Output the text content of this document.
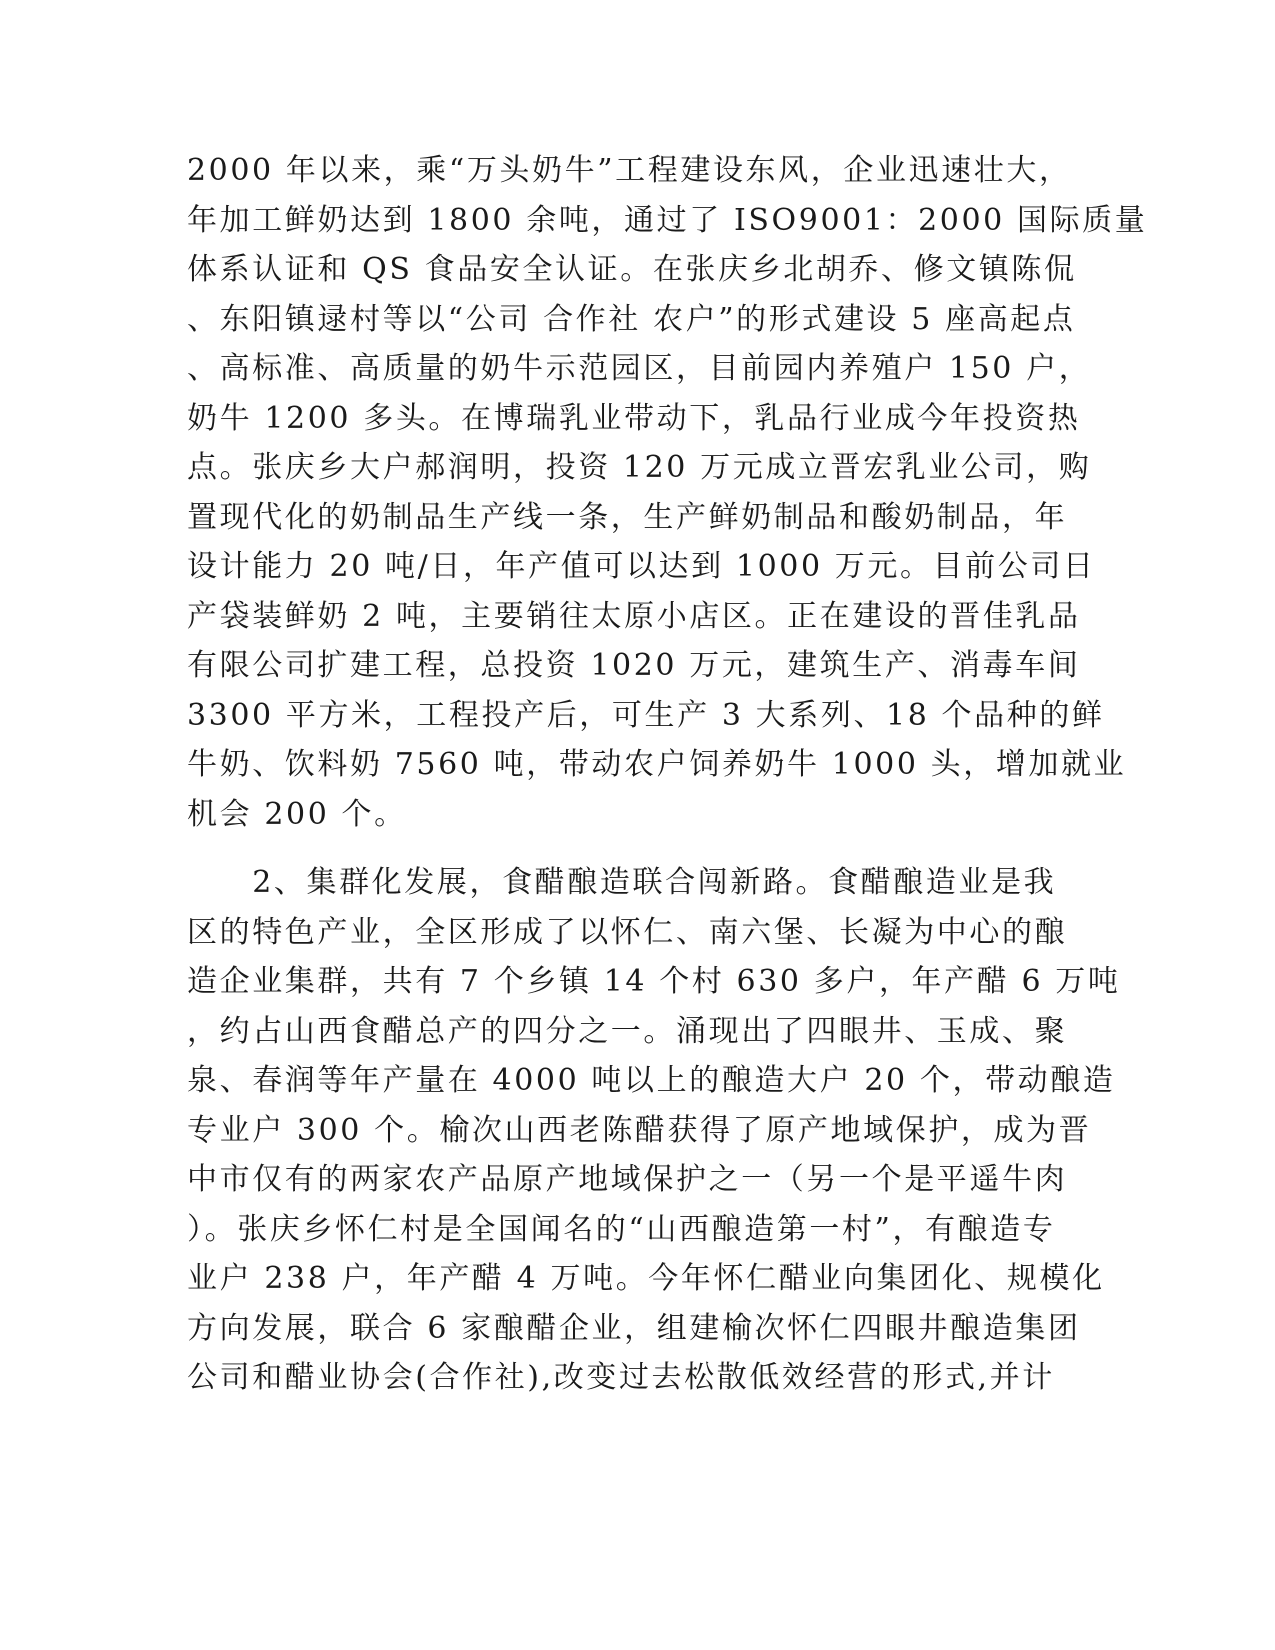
2000 年以来，乘“万头奶牛”工程建设东风，企业迅速壮大，
年加工鲜奶达到 1800 余吨，通过了 ISO9001：2000 国际质量
体系认证和 QS 食品安全认证。在张庆乡北胡乔、修文镇陈侃
、东阳镇逯村等以“公司 合作社 农户”的形式建设 5 座高起点
、高标准、高质量的奶牛示范园区，目前园内养殖户 150 户，
奶牛 1200 多头。在博瑞乳业带动下，乳品行业成今年投资热
点。张庆乡大户郝润明，投资 120 万元成立晋宏乳业公司，购
置现代化的奶制品生产线一条，生产鲜奶制品和酸奶制品，年
设计能力 20 吨/日，年产值可以达到 1000 万元。目前公司日
产袋装鲜奶 2 吨，主要销往太原小店区。正在建设的晋佳乳品
有限公司扩建工程，总投资 1020 万元，建筑生产、消毒车间
3300 平方米，工程投产后，可生产 3 大系列、18 个品种的鲜
牛奶、饮料奶 7560 吨，带动农户饲养奶牛 1000 头，增加就业
机会 200 个。
　　2、集群化发展，食醋酿造联合闯新路。食醋酿造业是我
区的特色产业，全区形成了以怀仁、南六堡、长凝为中心的酿
造企业集群，共有 7 个乡镇 14 个村 630 多户，年产醋 6 万吨
，约占山西食醋总产的四分之一。涌现出了四眼井、玉成、聚
泉、春润等年产量在 4000 吨以上的酿造大户 20 个，带动酿造
专业户 300 个。榆次山西老陈醋获得了原产地域保护，成为晋
中市仅有的两家农产品原产地域保护之一（另一个是平遥牛肉
）。张庆乡怀仁村是全国闻名的“山西酿造第一村”，有酿造专
业户 238 户，年产醋 4 万吨。今年怀仁醋业向集团化、规模化
方向发展，联合 6 家酿醋企业，组建榆次怀仁四眼井酿造集团
公司和醋业协会(合作社),改变过去松散低效经营的形式,并计
